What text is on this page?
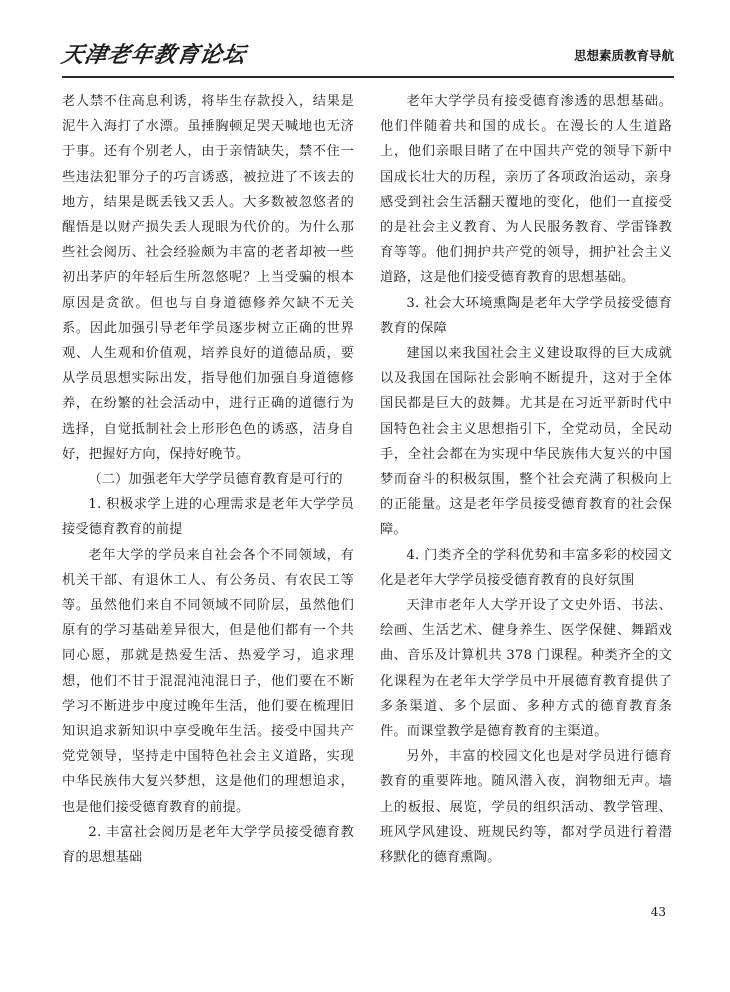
天津老年教育论坛	思想素质教育导航

老人禁不住高息利诱，将毕生存款投入，结果是泥牛入海打了水漂。虽捶胸顿足哭天喊地也无济于事。还有个别老人，由于亲情缺失，禁不住一些违法犯罪分子的巧言诱惑，被拉进了不该去的地方，结果是既丢钱又丢人。大多数被忽悠者的醒悟是以财产损失丢人现眼为代价的。为什么那些社会阅历、社会经验颇为丰富的老者却被一些初出茅庐的年轻后生所忽悠呢？上当受骗的根本原因是贪欲。但也与自身道德修养欠缺不无关系。因此加强引导老年学员逐步树立正确的世界观、人生观和价值观，培养良好的道德品质，要从学员思想实际出发，指导他们加强自身道德修养，在纷繁的社会活动中，进行正确的道德行为选择，自觉抵制社会上形形色色的诱惑，洁身自好，把握好方向，保持好晚节。

（二）加强老年大学学员德育教育是可行的

1. 积极求学上进的心理需求是老年大学学员接受德育教育的前提

老年大学的学员来自社会各个不同领域，有机关干部、有退休工人、有公务员、有农民工等等。虽然他们来自不同领域不同阶层，虽然他们原有的学习基础差异很大，但是他们都有一个共同心愿，那就是热爱生活、热爱学习，追求理想，他们不甘于混混沌沌混日子，他们要在不断学习不断进步中度过晚年生活，他们要在梳理旧知识追求新知识中享受晚年生活。接受中国共产党党领导，坚持走中国特色社会主义道路，实现中华民族伟大复兴梦想，这是他们的理想追求，也是他们接受德育教育的前提。

2. 丰富社会阅历是老年大学学员接受德育教育的思想基础

老年大学学员有接受德育渗透的思想基础。他们伴随着共和国的成长。在漫长的人生道路上，他们亲眼目睹了在中国共产党的领导下新中国成长壮大的历程，亲历了各项政治运动，亲身感受到社会生活翻天覆地的变化，他们一直接受的是社会主义教育、为人民服务教育、学雷锋教育等等。他们拥护共产党的领导，拥护社会主义道路，这是他们接受德育教育的思想基础。

3. 社会大环境熏陶是老年大学学员接受德育教育的保障

建国以来我国社会主义建设取得的巨大成就以及我国在国际社会影响不断提升，这对于全体国民都是巨大的鼓舞。尤其是在习近平新时代中国特色社会主义思想指引下，全党动员，全民动手，全社会都在为实现中华民族伟大复兴的中国梦而奋斗的积极氛围，整个社会充满了积极向上的正能量。这是老年学员接受德育教育的社会保障。

4. 门类齐全的学科优势和丰富多彩的校园文化是老年大学学员接受德育教育的良好氛围

天津市老年人大学开设了文史外语、书法、绘画、生活艺术、健身养生、医学保健、舞蹈戏曲、音乐及计算机共 378 门课程。种类齐全的文化课程为在老年大学学员中开展德育教育提供了多条渠道、多个层面、多种方式的德育教育条件。而课堂教学是德育教育的主渠道。

另外，丰富的校园文化也是对学员进行德育教育的重要阵地。随风潜入夜，润物细无声。墙上的板报、展览，学员的组织活动、教学管理、班风学风建设、班规民约等，都对学员进行着潜移默化的德育熏陶。

43
